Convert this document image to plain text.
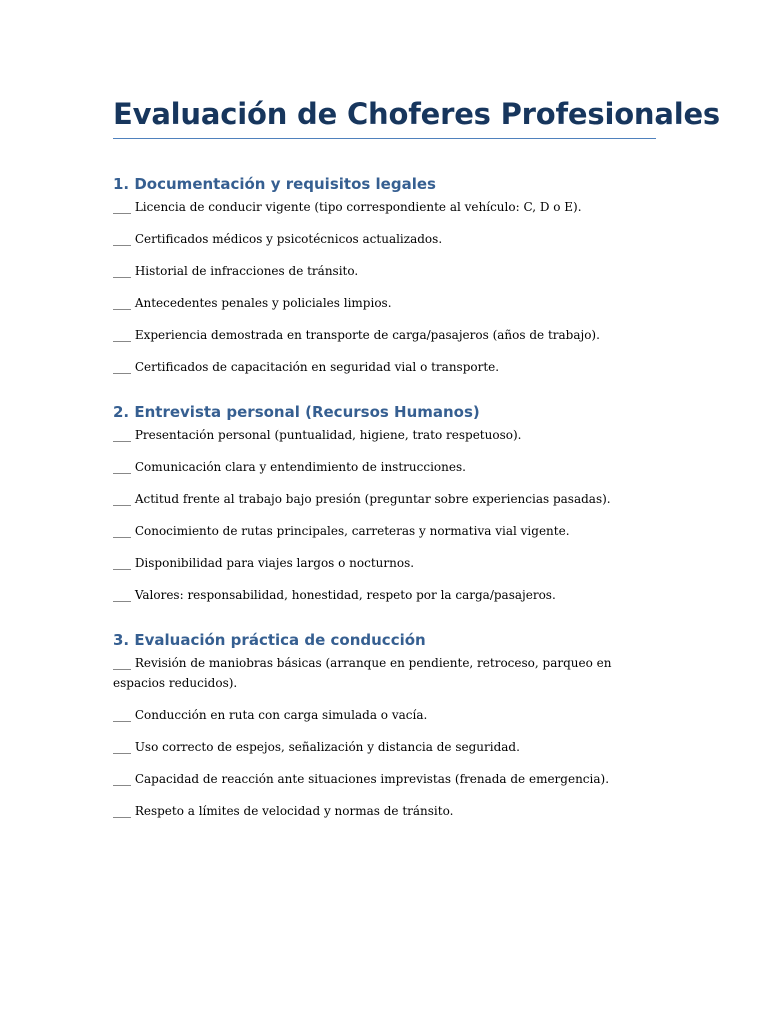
Evaluación de Choferes Profesionales
1. Documentación y requisitos legales

___ Licencia de conducir vigente (tipo correspondiente al vehículo: C, D o E).

___ Certificados médicos y psicotécnicos actualizados.

___ Historial de infracciones de tránsito.

___ Antecedentes penales y policiales limpios.

___ Experiencia demostrada en transporte de carga/pasajeros (años de trabajo).

___ Certificados de capacitación en seguridad vial o transporte.

2. Entrevista personal (Recursos Humanos)

___ Presentación personal (puntualidad, higiene, trato respetuoso).

___ Comunicación clara y entendimiento de instrucciones.

___ Actitud frente al trabajo bajo presión (preguntar sobre experiencias pasadas).

___ Conocimiento de rutas principales, carreteras y normativa vial vigente.

___ Disponibilidad para viajes largos o nocturnos.

___ Valores: responsabilidad, honestidad, respeto por la carga/pasajeros.

3. Evaluación práctica de conducción

___ Revisión de maniobras básicas (arranque en pendiente, retroceso, parqueo en espacios reducidos).

___ Conducción en ruta con carga simulada o vacía.

___ Uso correcto de espejos, señalización y distancia de seguridad.

___ Capacidad de reacción ante situaciones imprevistas (frenada de emergencia).

___ Respeto a límites de velocidad y normas de tránsito.
